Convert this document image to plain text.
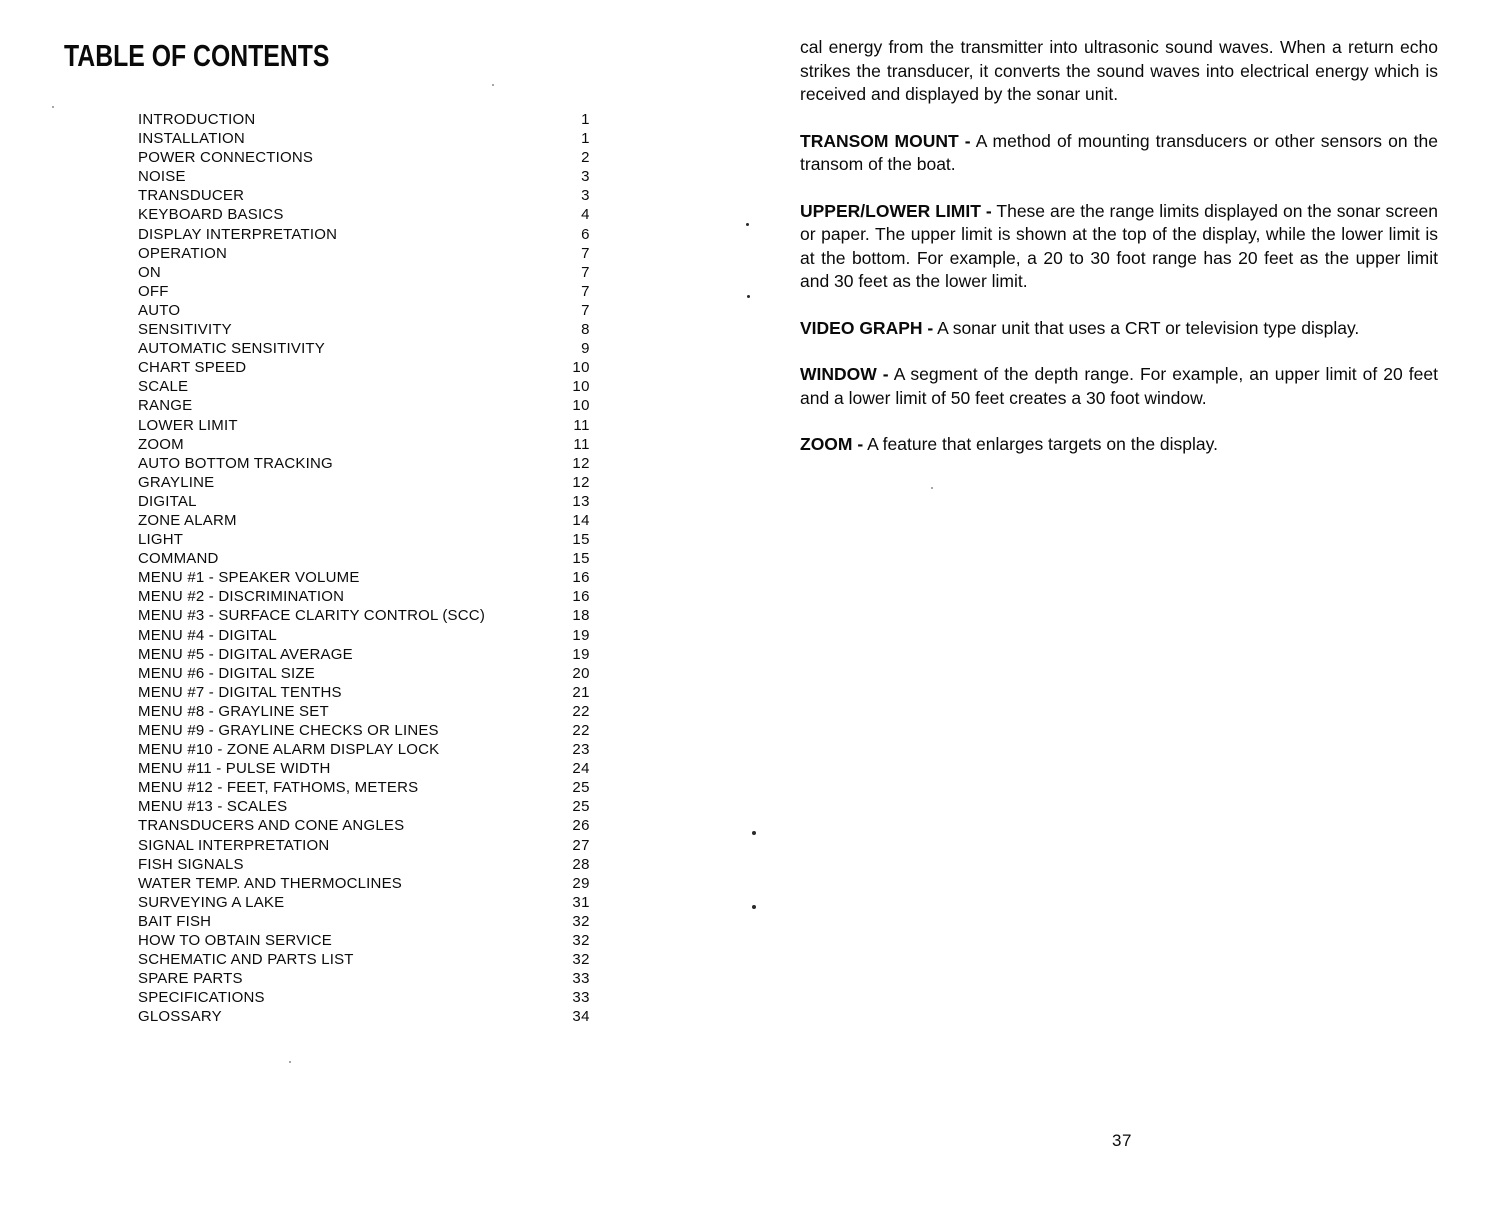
TABLE OF CONTENTS
INTRODUCTION	1
INSTALLATION	1
POWER CONNECTIONS	2
NOISE	3
TRANSDUCER	3
KEYBOARD BASICS	4
DISPLAY INTERPRETATION	6
OPERATION	7
ON	7
OFF	7
AUTO	7
SENSITIVITY	8
AUTOMATIC SENSITIVITY	9
CHART SPEED	10
SCALE	10
RANGE	10
LOWER LIMIT	11
ZOOM	11
AUTO BOTTOM TRACKING	12
GRAYLINE	12
DIGITAL	13
ZONE ALARM	14
LIGHT	15
COMMAND	15
MENU #1 - SPEAKER VOLUME	16
MENU #2 - DISCRIMINATION	16
MENU #3 - SURFACE CLARITY CONTROL (SCC)	18
MENU #4 - DIGITAL	19
MENU #5 - DIGITAL AVERAGE	19
MENU #6 - DIGITAL SIZE	20
MENU #7 - DIGITAL TENTHS	21
MENU #8 - GRAYLINE SET	22
MENU #9 - GRAYLINE CHECKS OR LINES	22
MENU #10 - ZONE ALARM DISPLAY LOCK	23
MENU #11 - PULSE WIDTH	24
MENU #12 - FEET, FATHOMS, METERS	25
MENU #13 - SCALES	25
TRANSDUCERS AND CONE ANGLES	26
SIGNAL INTERPRETATION	27
FISH SIGNALS	28
WATER TEMP. AND THERMOCLINES	29
SURVEYING A LAKE	31
BAIT FISH	32
HOW TO OBTAIN SERVICE	32
SCHEMATIC AND PARTS LIST	32
SPARE PARTS	33
SPECIFICATIONS	33
GLOSSARY	34

cal energy from the transmitter into ultrasonic sound waves. When a return echo strikes the transducer, it converts the sound waves into electrical energy which is received and displayed by the sonar unit.

TRANSOM MOUNT - A method of mounting transducers or other sensors on the transom of the boat.

UPPER/LOWER LIMIT - These are the range limits displayed on the sonar screen or paper. The upper limit is shown at the top of the display, while the lower limit is at the bottom. For example, a 20 to 30 foot range has 20 feet as the upper limit and 30 feet as the lower limit.

VIDEO GRAPH - A sonar unit that uses a CRT or television type display.

WINDOW - A segment of the depth range. For example, an upper limit of 20 feet and a lower limit of 50 feet creates a 30 foot window.

ZOOM - A feature that enlarges targets on the display.

37
